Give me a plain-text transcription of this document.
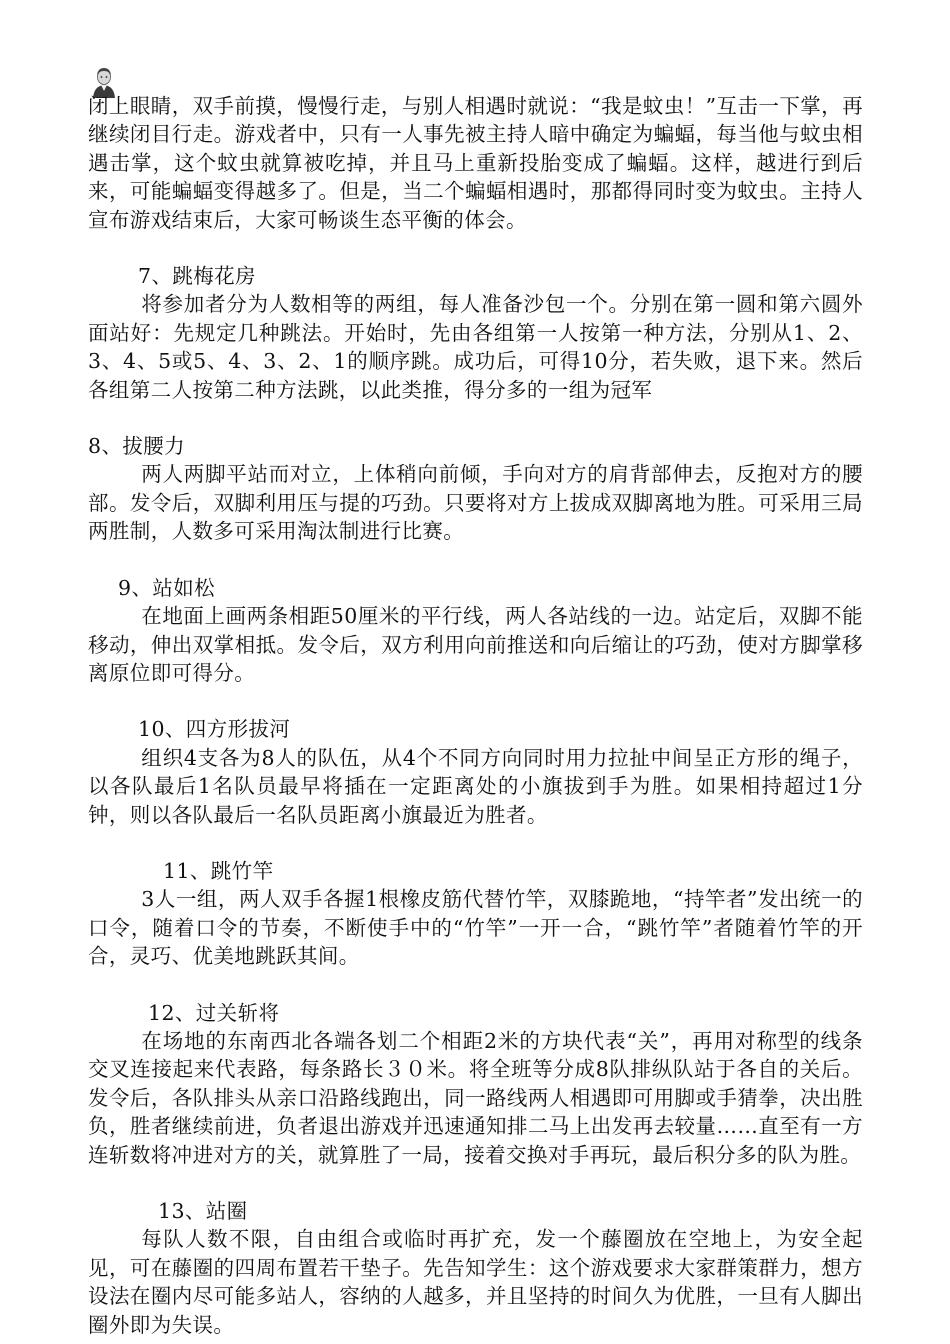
闭上眼睛，双手前摸，慢慢行走，与别人相遇时就说：“我是蚊虫！”互击一下掌，再继续闭目行走。游戏者中，只有一人事先被主持人暗中确定为蝙蝠，每当他与蚊虫相遇击掌，这个蚊虫就算被吃掉，并且马上重新投胎变成了蝙蝠。这样，越进行到后来，可能蝙蝠变得越多了。但是，当二个蝙蝠相遇时，那都得同时变为蚊虫。主持人宣布游戏结束后，大家可畅谈生态平衡的体会。

7、跳梅花房

将参加者分为人数相等的两组，每人准备沙包一个。分别在第一圆和第六圆外面站好：先规定几种跳法。开始时，先由各组第一人按第一种方法，分别从1、2、3、4、5或5、4、3、2、1的顺序跳。成功后，可得10分，若失败，退下来。然后各组第二人按第二种方法跳，以此类推，得分多的一组为冠军

8、拔腰力

两人两脚平站而对立，上体稍向前倾，手向对方的肩背部伸去，反抱对方的腰部。发令后，双脚利用压与提的巧劲。只要将对方上拔成双脚离地为胜。可采用三局两胜制，人数多可采用淘汰制进行比赛。

9、站如松

在地面上画两条相距50厘米的平行线，两人各站线的一边。站定后，双脚不能移动，伸出双掌相抵。发令后，双方利用向前推送和向后缩让的巧劲，使对方脚掌移离原位即可得分。

10、四方形拔河

组织4支各为8人的队伍，从4个不同方向同时用力拉扯中间呈正方形的绳子，以各队最后1名队员最早将插在一定距离处的小旗拔到手为胜。如果相持超过1分钟，则以各队最后一名队员距离小旗最近为胜者。

11、跳竹竿

3人一组，两人双手各握1根橡皮筋代替竹竿，双膝跪地，“持竿者”发出统一的口令，随着口令的节奏，不断使手中的“竹竿”一开一合，“跳竹竿”者随着竹竿的开合，灵巧、优美地跳跃其间。

12、过关斩将

在场地的东南西北各端各划二个相距2米的方块代表“关”，再用对称型的线条交叉连接起来代表路，每条路长３０米。将全班等分成8队排纵队站于各自的关后。发令后，各队排头从亲口沿路线跑出，同一路线两人相遇即可用脚或手猜拳，决出胜负，胜者继续前进，负者退出游戏并迅速通知排二马上出发再去较量……直至有一方连斩数将冲进对方的关，就算胜了一局，接着交换对手再玩，最后积分多的队为胜。

13、站圈

每队人数不限，自由组合或临时再扩充，发一个藤圈放在空地上，为安全起见，可在藤圈的四周布置若干垫子。先告知学生：这个游戏要求大家群策群力，想方设法在圈内尽可能多站人，容纳的人越多，并且坚持的时间久为优胜，一旦有人脚出圈外即为失误。
